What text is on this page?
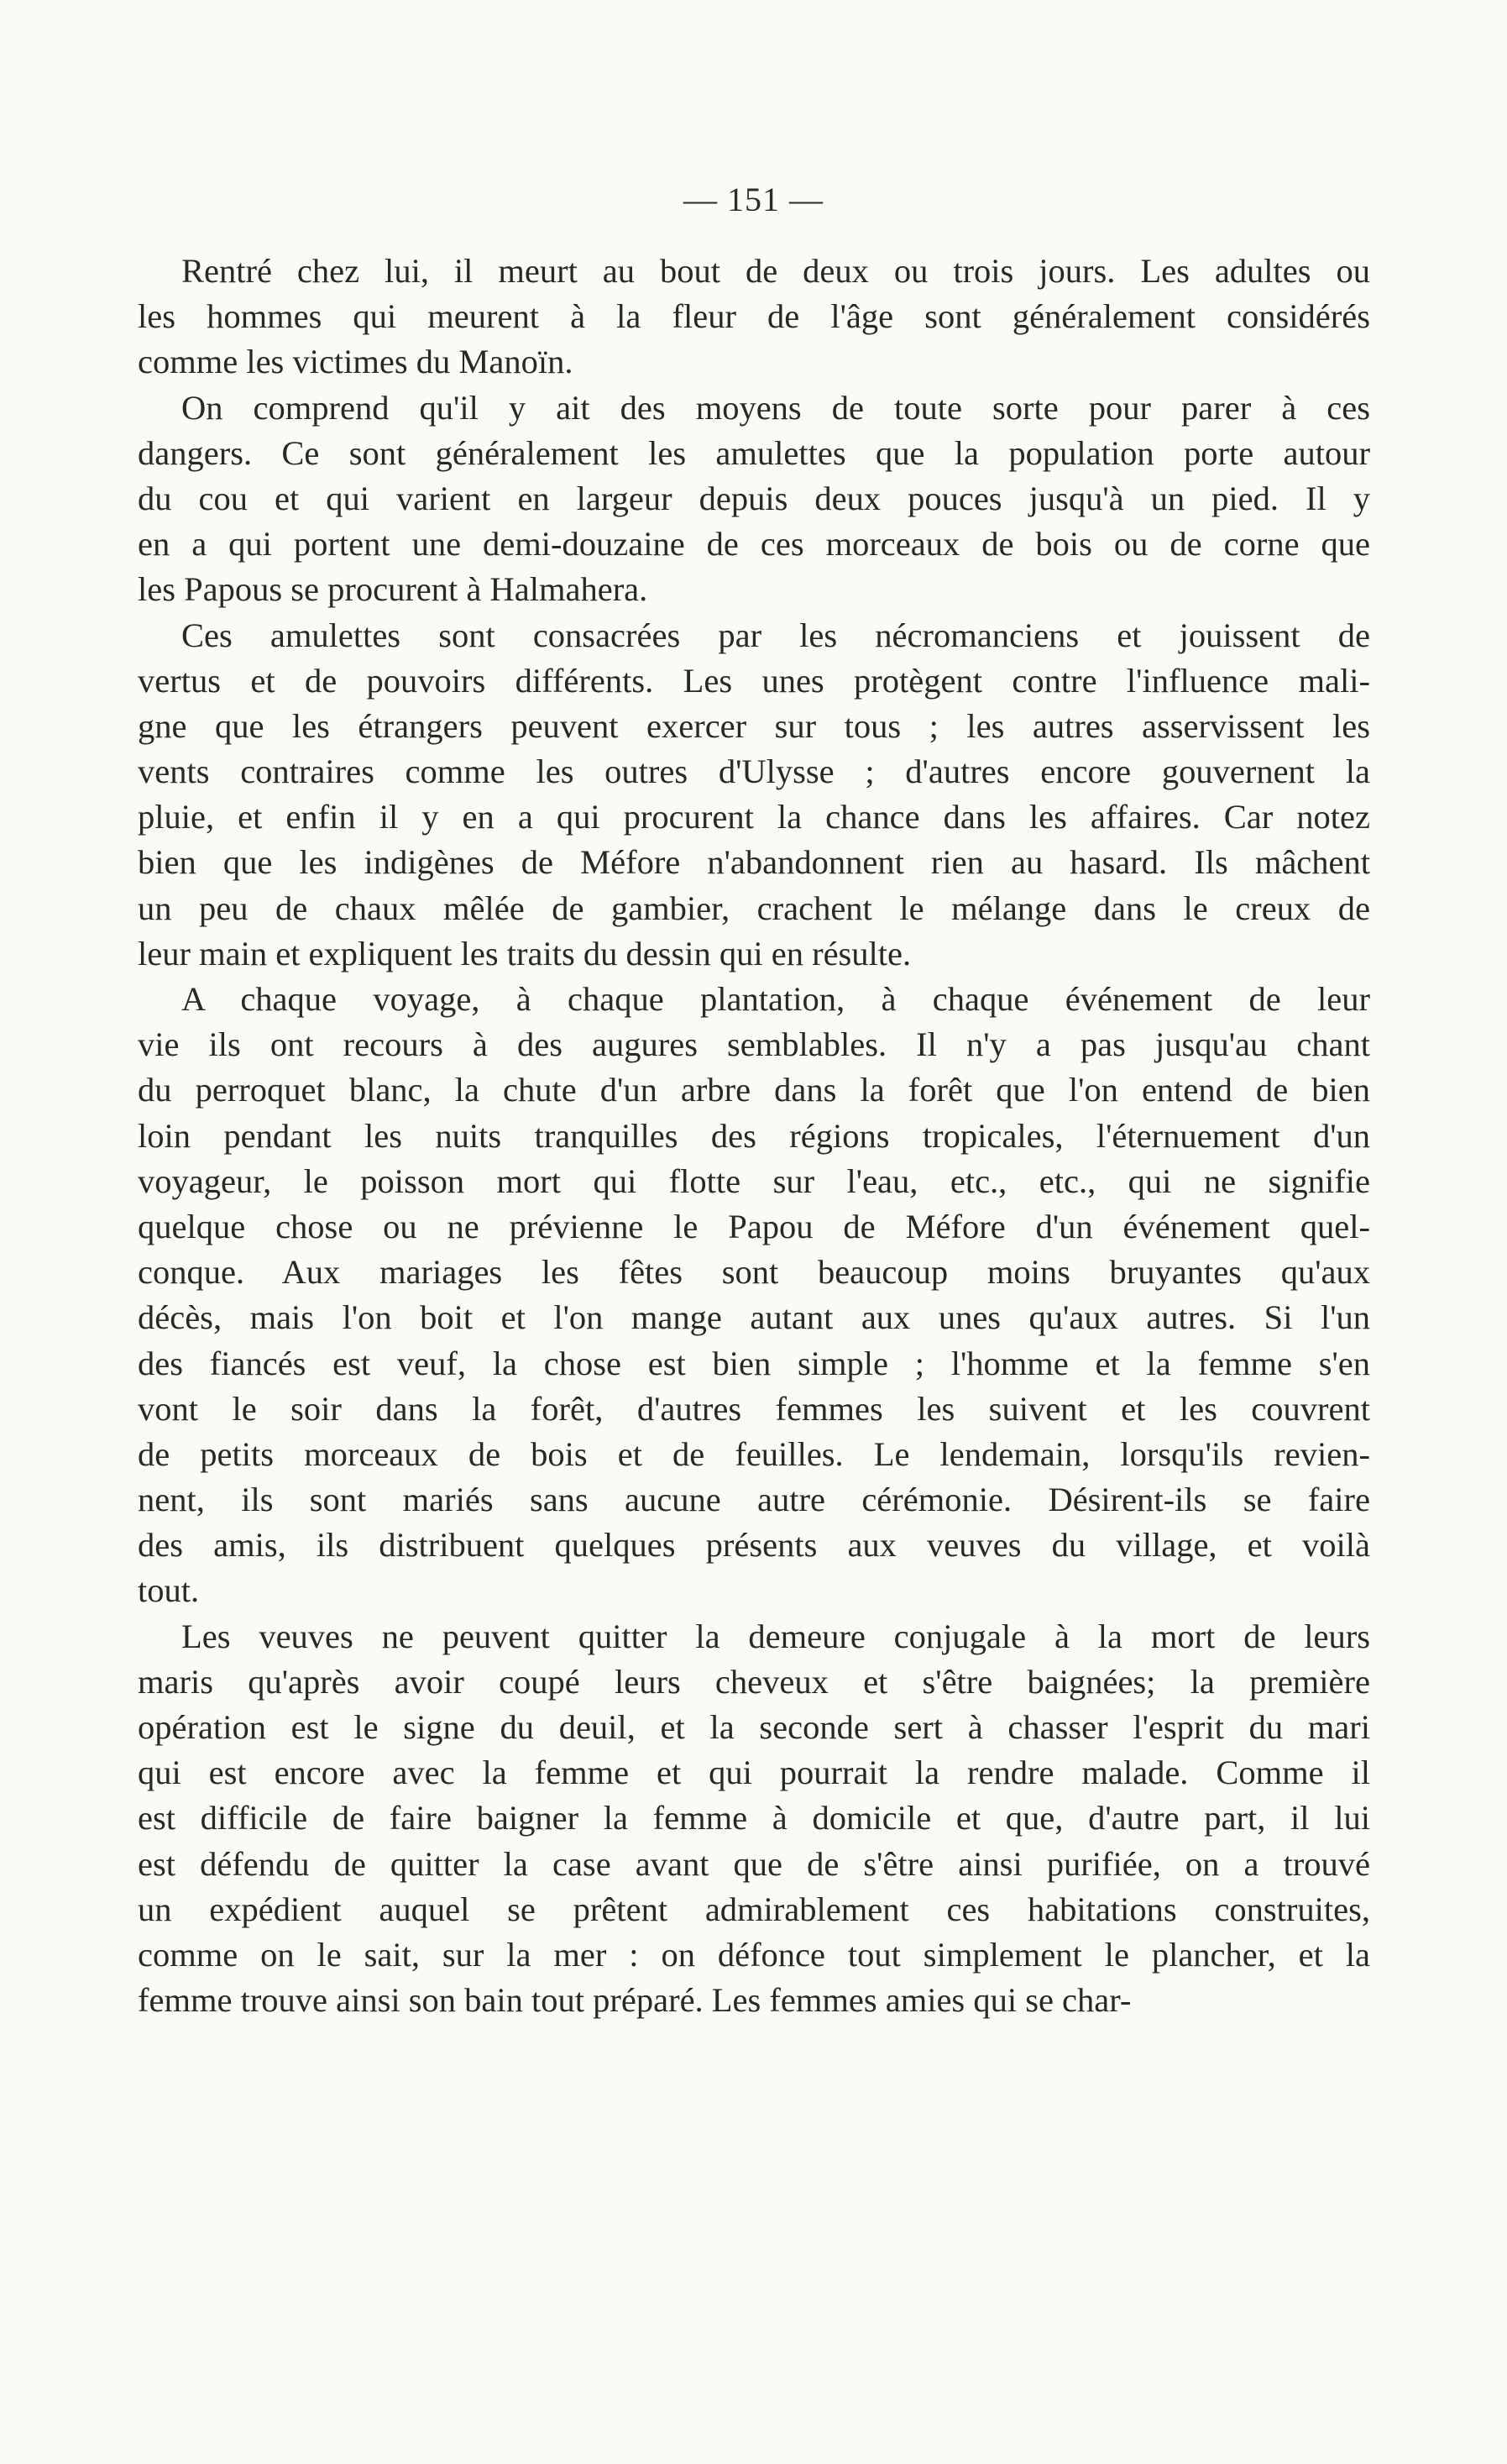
— 151 —
Rentré chez lui, il meurt au bout de deux ou trois jours. Les adultes ou
les hommes qui meurent à la fleur de l'âge sont généralement considérés
comme les victimes du Manoïn.
On comprend qu'il y ait des moyens de toute sorte pour parer à ces
dangers. Ce sont généralement les amulettes que la population porte autour
du cou et qui varient en largeur depuis deux pouces jusqu'à un pied. Il y
en a qui portent une demi-douzaine de ces morceaux de bois ou de corne que
les Papous se procurent à Halmahera.
Ces amulettes sont consacrées par les nécromanciens et jouissent de
vertus et de pouvoirs différents. Les unes protègent contre l'influence mali-
gne que les étrangers peuvent exercer sur tous ; les autres asservissent les
vents contraires comme les outres d'Ulysse ; d'autres encore gouvernent la
pluie, et enfin il y en a qui procurent la chance dans les affaires. Car notez
bien que les indigènes de Méfore n'abandonnent rien au hasard. Ils mâchent
un peu de chaux mêlée de gambier, crachent le mélange dans le creux de
leur main et expliquent les traits du dessin qui en résulte.
A chaque voyage, à chaque plantation, à chaque événement de leur
vie ils ont recours à des augures semblables. Il n'y a pas jusqu'au chant
du perroquet blanc, la chute d'un arbre dans la forêt que l'on entend de bien
loin pendant les nuits tranquilles des régions tropicales, l'éternuement d'un
voyageur, le poisson mort qui flotte sur l'eau, etc., etc., qui ne signifie
quelque chose ou ne prévienne le Papou de Méfore d'un événement quel-
conque. Aux mariages les fêtes sont beaucoup moins bruyantes qu'aux
décès, mais l'on boit et l'on mange autant aux unes qu'aux autres. Si l'un
des fiancés est veuf, la chose est bien simple ; l'homme et la femme s'en
vont le soir dans la forêt, d'autres femmes les suivent et les couvrent
de petits morceaux de bois et de feuilles. Le lendemain, lorsqu'ils revien-
nent, ils sont mariés sans aucune autre cérémonie. Désirent-ils se faire
des amis, ils distribuent quelques présents aux veuves du village, et voilà
tout.
Les veuves ne peuvent quitter la demeure conjugale à la mort de leurs
maris qu'après avoir coupé leurs cheveux et s'être baignées; la première
opération est le signe du deuil, et la seconde sert à chasser l'esprit du mari
qui est encore avec la femme et qui pourrait la rendre malade. Comme il
est difficile de faire baigner la femme à domicile et que, d'autre part, il lui
est défendu de quitter la case avant que de s'être ainsi purifiée, on a trouvé
un expédient auquel se prêtent admirablement ces habitations construites,
comme on le sait, sur la mer : on défonce tout simplement le plancher, et la
femme trouve ainsi son bain tout préparé. Les femmes amies qui se char-
